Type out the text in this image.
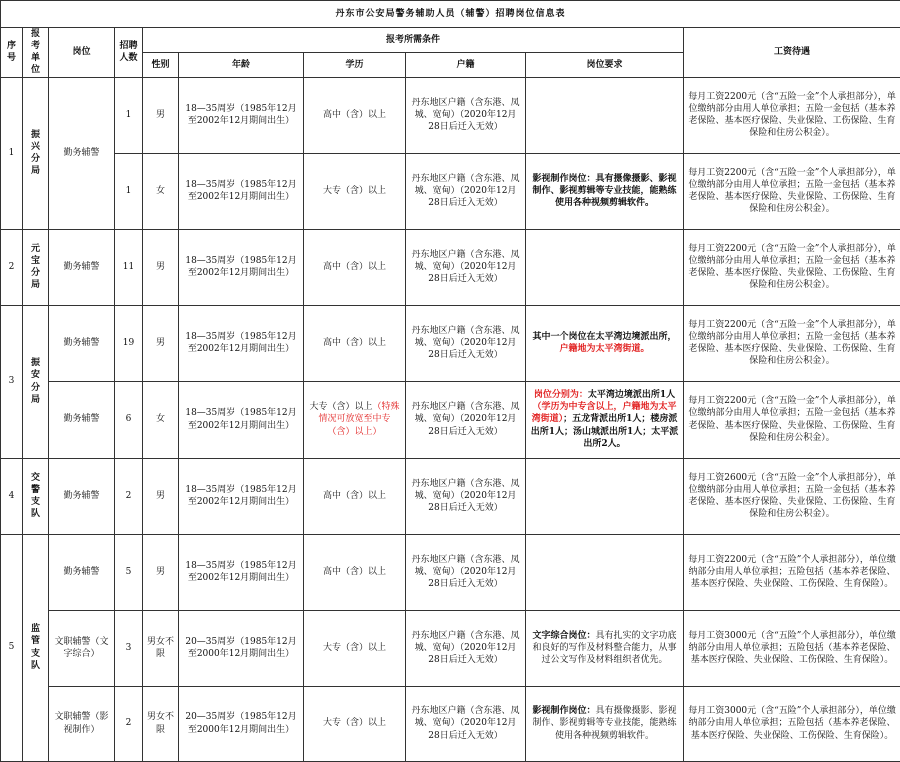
丹东市公安局警务辅助人员（辅警）招聘岗位信息表									
序号	报考单位	岗位	招聘人数	报考所需条件					工资待遇
				性别	年龄	学历	户籍	岗位要求	
1	振兴分局	勤务辅警	1	男	18—35周岁（1985年12月至2002年12月期间出生）	高中（含）以上	丹东地区户籍（含东港、凤城、宽甸）（2020年12月28日后迁入无效）		每月工资2200元（含“五险一金”个人承担部分），单位缴纳部分由用人单位承担；五险一金包括（基本养老保险、基本医疗保险、失业保险、工伤保险、生育保险和住房公积金）。
			1	女	18—35周岁（1985年12月至2002年12月期间出生）	大专（含）以上	丹东地区户籍（含东港、凤城、宽甸）（2020年12月28日后迁入无效）	影视制作岗位：具有摄像摄影、影视制作、影视剪辑等专业技能，能熟练使用各种视频剪辑软件。	每月工资2200元（含“五险一金”个人承担部分），单位缴纳部分由用人单位承担；五险一金包括（基本养老保险、基本医疗保险、失业保险、工伤保险、生育保险和住房公积金）。
2	元宝分局	勤务辅警	11	男	18—35周岁（1985年12月至2002年12月期间出生）	高中（含）以上	丹东地区户籍（含东港、凤城、宽甸）（2020年12月28日后迁入无效）		每月工资2200元（含“五险一金”个人承担部分），单位缴纳部分由用人单位承担；五险一金包括（基本养老保险、基本医疗保险、失业保险、工伤保险、生育保险和住房公积金）。
3	振安分局	勤务辅警	19	男	18—35周岁（1985年12月至2002年12月期间出生）	高中（含）以上	丹东地区户籍（含东港、凤城、宽甸）（2020年12月28日后迁入无效）	其中一个岗位在太平湾边境派出所，户籍地为太平湾街道。	每月工资2200元（含“五险一金”个人承担部分），单位缴纳部分由用人单位承担；五险一金包括（基本养老保险、基本医疗保险、失业保险、工伤保险、生育保险和住房公积金）。
		勤务辅警	6	女	18—35周岁（1985年12月至2002年12月期间出生）	大专（含）以上（特殊情况可放宽至中专（含）以上）	丹东地区户籍（含东港、凤城、宽甸）（2020年12月28日后迁入无效）	岗位分别为：太平湾边境派出所1人（学历为中专含以上，户籍地为太平湾街道）；五龙背派出所1人；楼房派出所1人；汤山城派出所1人；太平派出所2人。	每月工资2200元（含“五险一金”个人承担部分），单位缴纳部分由用人单位承担；五险一金包括（基本养老保险、基本医疗保险、失业保险、工伤保险、生育保险和住房公积金）。
4	交警支队	勤务辅警	2	男	18—35周岁（1985年12月至2002年12月期间出生）	高中（含）以上	丹东地区户籍（含东港、凤城、宽甸）（2020年12月28日后迁入无效）		每月工资2600元（含“五险一金”个人承担部分），单位缴纳部分由用人单位承担；五险一金包括（基本养老保险、基本医疗保险、失业保险、工伤保险、生育保险和住房公积金）。
5	监管支队	勤务辅警	5	男	18—35周岁（1985年12月至2002年12月期间出生）	高中（含）以上	丹东地区户籍（含东港、凤城、宽甸）（2020年12月28日后迁入无效）		每月工资2200元（含“五险”个人承担部分），单位缴纳部分由用人单位承担；五险包括（基本养老保险、基本医疗保险、失业保险、工伤保险、生育保险）。
		文职辅警（文字综合）	3	男女不限	20—35周岁（1985年12月至2000年12月期间出生）	大专（含）以上	丹东地区户籍（含东港、凤城、宽甸）（2020年12月28日后迁入无效）	文字综合岗位：具有扎实的文字功底和良好的写作及材料整合能力，从事过公文写作及材料组织者优先。	每月工资3000元（含“五险”个人承担部分），单位缴纳部分由用人单位承担；五险包括（基本养老保险、基本医疗保险、失业保险、工伤保险、生育保险）。
		文职辅警（影视制作）	2	男女不限	20—35周岁（1985年12月至2000年12月期间出生）	大专（含）以上	丹东地区户籍（含东港、凤城、宽甸）（2020年12月28日后迁入无效）	影视制作岗位：具有摄像摄影、影视制作、影视剪辑等专业技能，能熟练使用各种视频剪辑软件。	每月工资3000元（含“五险”个人承担部分），单位缴纳部分由用人单位承担；五险包括（基本养老保险、基本医疗保险、失业保险、工伤保险、生育保险）。
